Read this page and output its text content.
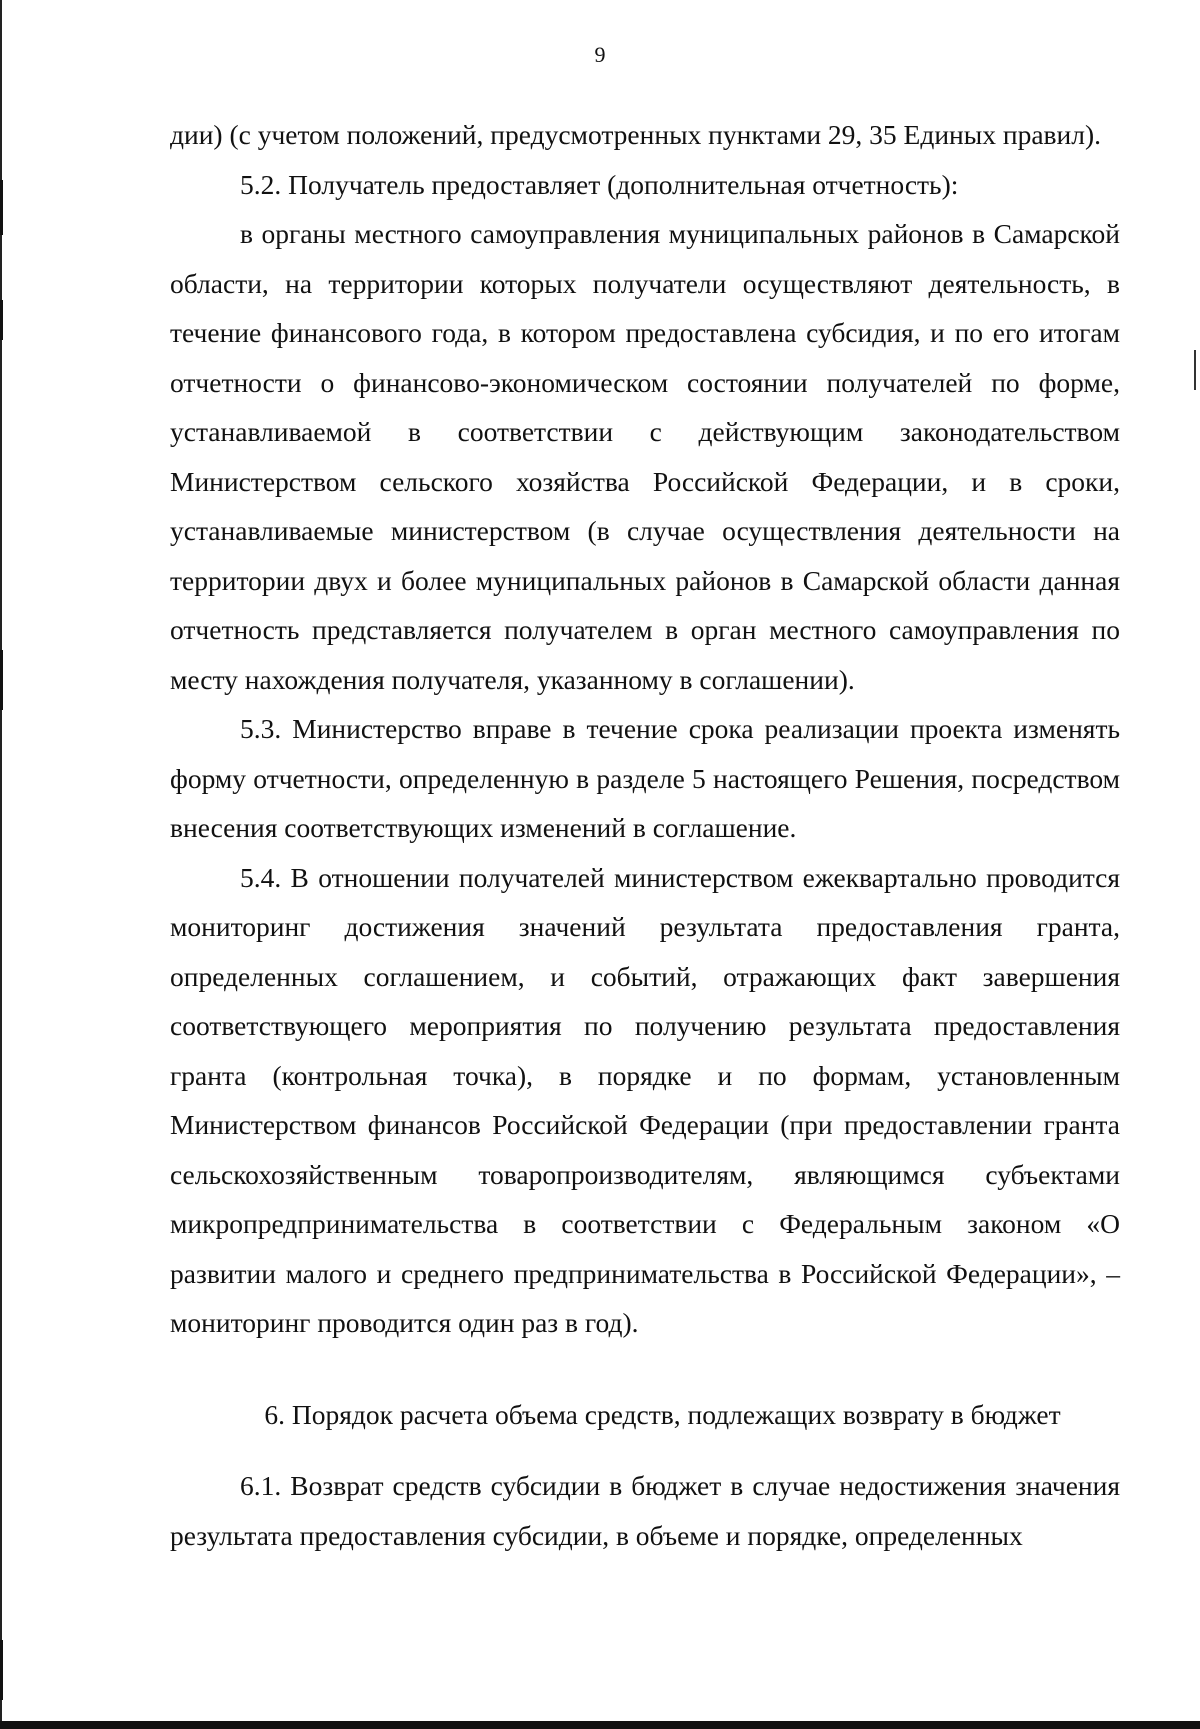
9

дии) (с учетом положений, предусмотренных пунктами 29, 35 Единых правил).

5.2. Получатель предоставляет (дополнительная отчетность):

в органы местного самоуправления муниципальных районов в Самарской области, на территории которых получатели осуществляют деятельность, в течение финансового года, в котором предоставлена субсидия, и по его итогам отчетности о финансово-экономическом состоянии получателей по форме, устанавливаемой в соответствии с действующим законодательством Министерством сельского хозяйства Российской Федерации, и в сроки, устанавливаемые министерством (в случае осуществления деятельности на территории двух и более муниципальных районов в Самарской области данная отчетность представляется получателем в орган местного самоуправления по месту нахождения получателя, указанному в соглашении).

5.3. Министерство вправе в течение срока реализации проекта изменять форму отчетности, определенную в разделе 5 настоящего Решения, посредством внесения соответствующих изменений в соглашение.

5.4. В отношении получателей министерством ежеквартально проводится мониторинг достижения значений результата предоставления гранта, определенных соглашением, и событий, отражающих факт завершения соответствующего мероприятия по получению результата предоставления гранта (контрольная точка), в порядке и по формам, установленным Министерством финансов Российской Федерации (при предоставлении гранта сельскохозяйственным товаропроизводителям, являющимся субъектами микропредпринимательства в соответствии с Федеральным законом «О развитии малого и среднего предпринимательства в Российской Федерации», – мониторинг проводится один раз в год).

6. Порядок расчета объема средств, подлежащих возврату в бюджет

6.1. Возврат средств субсидии в бюджет в случае недостижения значения результата предоставления субсидии, в объеме и порядке, определенных
